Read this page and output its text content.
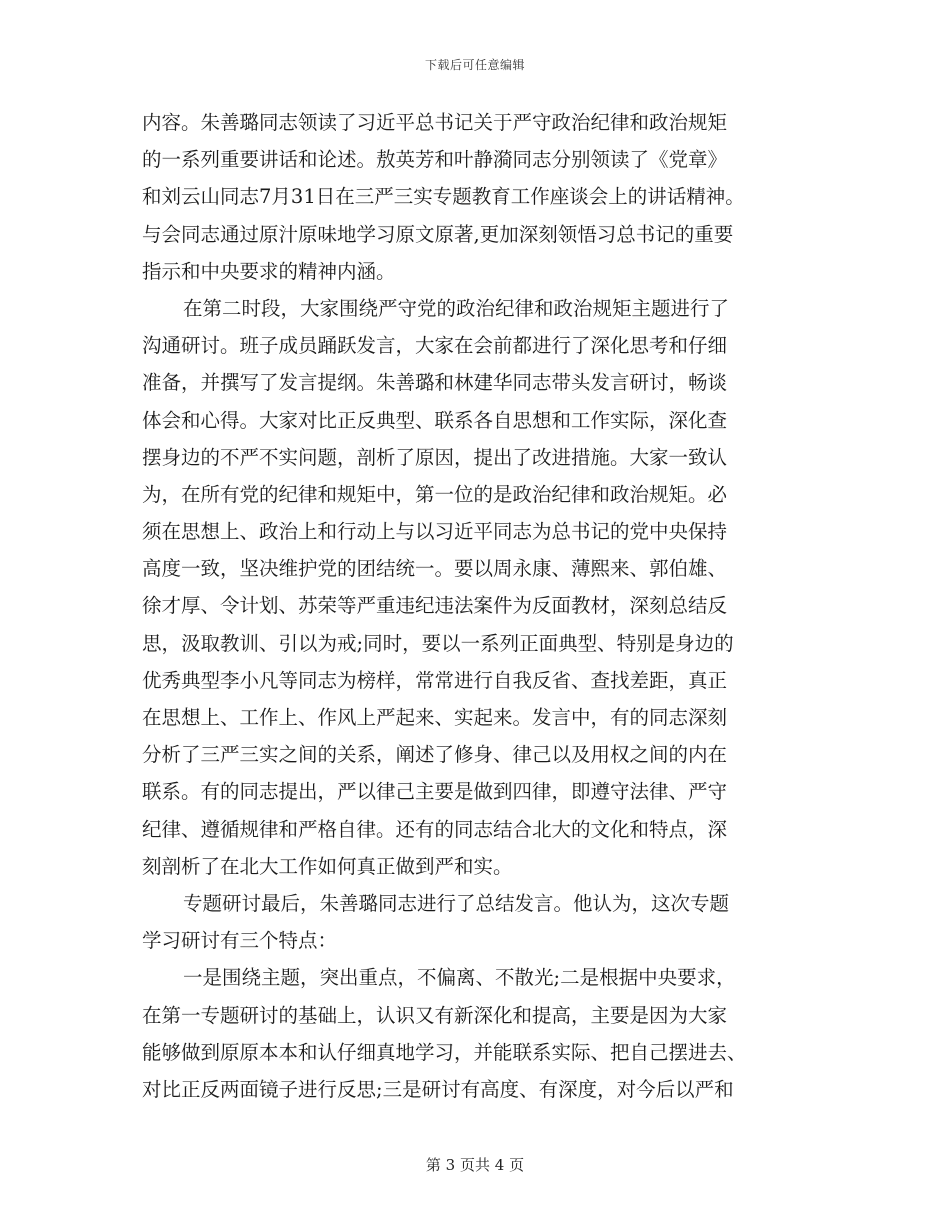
下载后可任意编辑
内容。朱善璐同志领读了习近平总书记关于严守政治纪律和政治规矩
的一系列重要讲话和论述。敖英芳和叶静漪同志分别领读了《党章》
和刘云山同志7月31日在三严三实专题教育工作座谈会上的讲话精神。
与会同志通过原汁原味地学习原文原著,更加深刻领悟习总书记的重要
指示和中央要求的精神内涵。
在第二时段，大家围绕严守党的政治纪律和政治规矩主题进行了
沟通研讨。班子成员踊跃发言，大家在会前都进行了深化思考和仔细
准备，并撰写了发言提纲。朱善璐和林建华同志带头发言研讨，畅谈
体会和心得。大家对比正反典型、联系各自思想和工作实际，深化查
摆身边的不严不实问题，剖析了原因，提出了改进措施。大家一致认
为，在所有党的纪律和规矩中，第一位的是政治纪律和政治规矩。必
须在思想上、政治上和行动上与以习近平同志为总书记的党中央保持
高度一致，坚决维护党的团结统一。要以周永康、薄熙来、郭伯雄、
徐才厚、令计划、苏荣等严重违纪违法案件为反面教材，深刻总结反
思，汲取教训、引以为戒;同时，要以一系列正面典型、特别是身边的
优秀典型李小凡等同志为榜样，常常进行自我反省、查找差距，真正
在思想上、工作上、作风上严起来、实起来。发言中，有的同志深刻
分析了三严三实之间的关系，阐述了修身、律己以及用权之间的内在
联系。有的同志提出，严以律己主要是做到四律，即遵守法律、严守
纪律、遵循规律和严格自律。还有的同志结合北大的文化和特点，深
刻剖析了在北大工作如何真正做到严和实。
专题研讨最后，朱善璐同志进行了总结发言。他认为，这次专题
学习研讨有三个特点：
一是围绕主题，突出重点，不偏离、不散光;二是根据中央要求，
在第一专题研讨的基础上，认识又有新深化和提高，主要是因为大家
能够做到原原本本和认仔细真地学习，并能联系实际、把自己摆进去、
对比正反两面镜子进行反思;三是研讨有高度、有深度，对今后以严和
第 3 页共 4 页
